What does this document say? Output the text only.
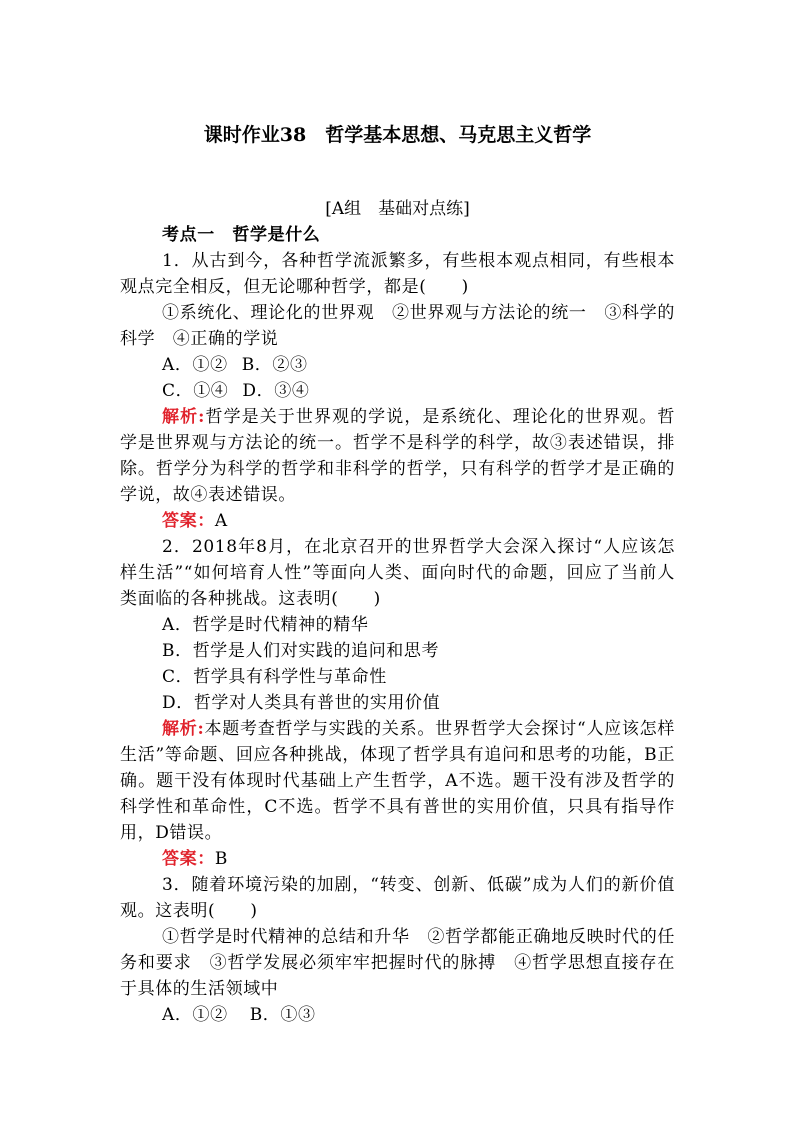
课时作业38　哲学基本思想、马克思主义哲学
[A组　基础对点练]

考点一　哲学是什么

1．从古到今，各种哲学流派繁多，有些根本观点相同，有些根本观点完全相反，但无论哪种哲学，都是(　　)

①系统化、理论化的世界观　②世界观与方法论的统一　③科学的科学　④正确的学说

A．①② B．②③

C．①④ D．③④

解析:哲学是关于世界观的学说，是系统化、理论化的世界观。哲学是世界观与方法论的统一。哲学不是科学的科学，故③表述错误，排除。哲学分为科学的哲学和非科学的哲学，只有科学的哲学才是正确的学说，故④表述错误。

答案：A

2．2018年8月，在北京召开的世界哲学大会深入探讨“人应该怎样生活”“如何培育人性”等面向人类、面向时代的命题，回应了当前人类面临的各种挑战。这表明(　　)

A．哲学是时代精神的精华

B．哲学是人们对实践的追问和思考

C．哲学具有科学性与革命性

D．哲学对人类具有普世的实用价值

解析:本题考查哲学与实践的关系。世界哲学大会探讨“人应该怎样生活”等命题、回应各种挑战，体现了哲学具有追问和思考的功能，B正确。题干没有体现时代基础上产生哲学，A不选。题干没有涉及哲学的科学性和革命性，C不选。哲学不具有普世的实用价值，只具有指导作用，D错误。

答案：B

3．随着环境污染的加剧，“转变、创新、低碳”成为人们的新价值观。这表明(　　)

①哲学是时代精神的总结和升华　②哲学都能正确地反映时代的任务和要求　③哲学发展必须牢牢把握时代的脉搏　④哲学思想直接存在于具体的生活领域中

A．①② B．①③
